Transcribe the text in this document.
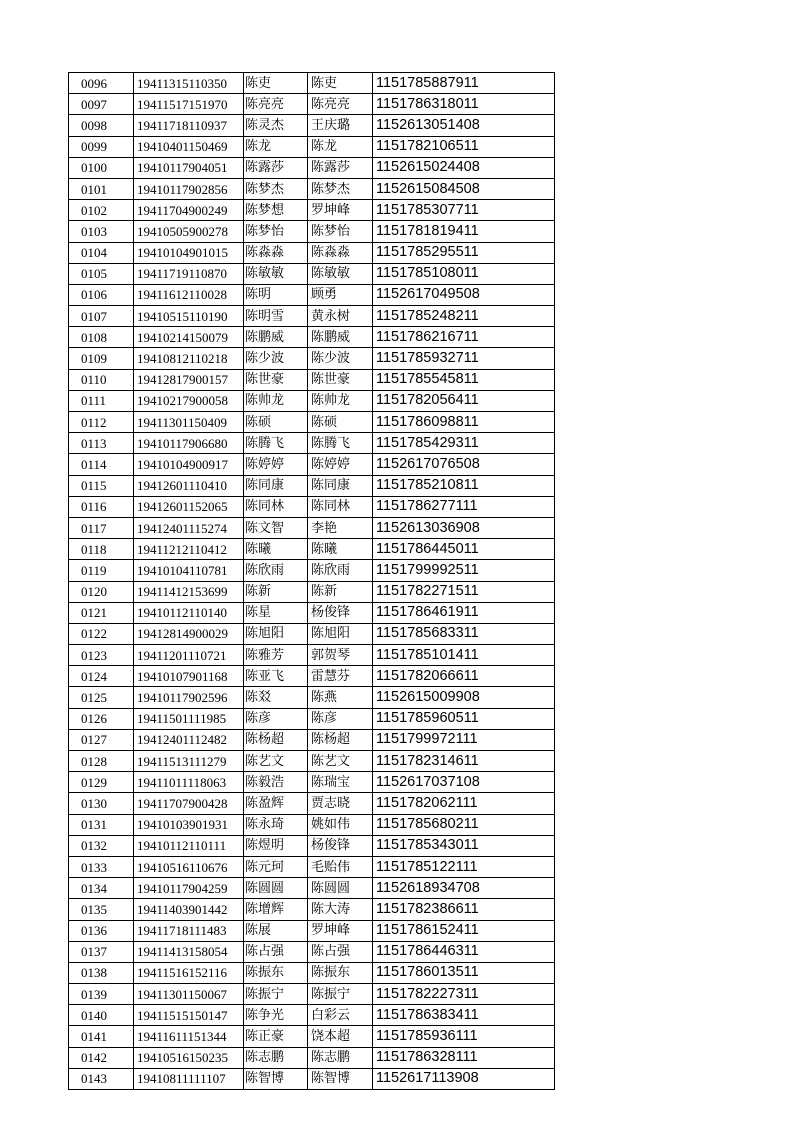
0096	19411315110350	陈吏	陈吏	1151785887911
0097	19411517151970	陈亮亮	陈亮亮	1151786318011
0098	19411718110937	陈灵杰	王庆璐	1152613051408
0099	19410401150469	陈龙	陈龙	1151782106511
0100	19410117904051	陈露莎	陈露莎	1152615024408
0101	19410117902856	陈梦杰	陈梦杰	1152615084508
0102	19411704900249	陈梦想	罗坤峰	1151785307711
0103	19410505900278	陈梦怡	陈梦怡	1151781819411
0104	19410104901015	陈淼淼	陈淼淼	1151785295511
0105	19411719110870	陈敏敏	陈敏敏	1151785108011
0106	19411612110028	陈明	顾勇	1152617049508
0107	19410515110190	陈明雪	黄永树	1151785248211
0108	19410214150079	陈鹏威	陈鹏威	1151786216711
0109	19410812110218	陈少波	陈少波	1151785932711
0110	19412817900157	陈世豪	陈世豪	1151785545811
0111	19410217900058	陈帅龙	陈帅龙	1151782056411
0112	19411301150409	陈硕	陈硕	1151786098811
0113	19410117906680	陈腾飞	陈腾飞	1151785429311
0114	19410104900917	陈婷婷	陈婷婷	1152617076508
0115	19412601110410	陈同康	陈同康	1151785210811
0116	19412601152065	陈同林	陈同林	1151786277111
0117	19412401115274	陈文智	李艳	1152613036908
0118	19411212110412	陈曦	陈曦	1151786445011
0119	19410104110781	陈欣雨	陈欣雨	1151799992511
0120	19411412153699	陈新	陈新	1151782271511
0121	19410112110140	陈星	杨俊锋	1151786461911
0122	19412814900029	陈旭阳	陈旭阳	1151785683311
0123	19411201110721	陈雅芳	郭贺琴	1151785101411
0124	19410107901168	陈亚飞	雷慧芬	1151782066611
0125	19410117902596	陈㸚	陈燕	1152615009908
0126	19411501111985	陈彦	陈彦	1151785960511
0127	19412401112482	陈杨超	陈杨超	1151799972111
0128	19411513111279	陈艺文	陈艺文	1151782314611
0129	19411011118063	陈毅浩	陈瑞宝	1152617037108
0130	19411707900428	陈盈辉	贾志晓	1151782062111
0131	19410103901931	陈永琦	姚如伟	1151785680211
0132	19410112110111	陈煜明	杨俊锋	1151785343011
0133	19410516110676	陈元珂	毛贻伟	1151785122111
0134	19410117904259	陈圆圆	陈圆圆	1152618934708
0135	19411403901442	陈增辉	陈大涛	1151782386611
0136	19411718111483	陈展	罗坤峰	1151786152411
0137	19411413158054	陈占强	陈占强	1151786446311
0138	19411516152116	陈振东	陈振东	1151786013511
0139	19411301150067	陈振宁	陈振宁	1151782227311
0140	19411515150147	陈争光	白彩云	1151786383411
0141	19411611151344	陈正豪	饶本超	1151785936111
0142	19410516150235	陈志鹏	陈志鹏	1151786328111
0143	19410811111107	陈智博	陈智博	1152617113908
